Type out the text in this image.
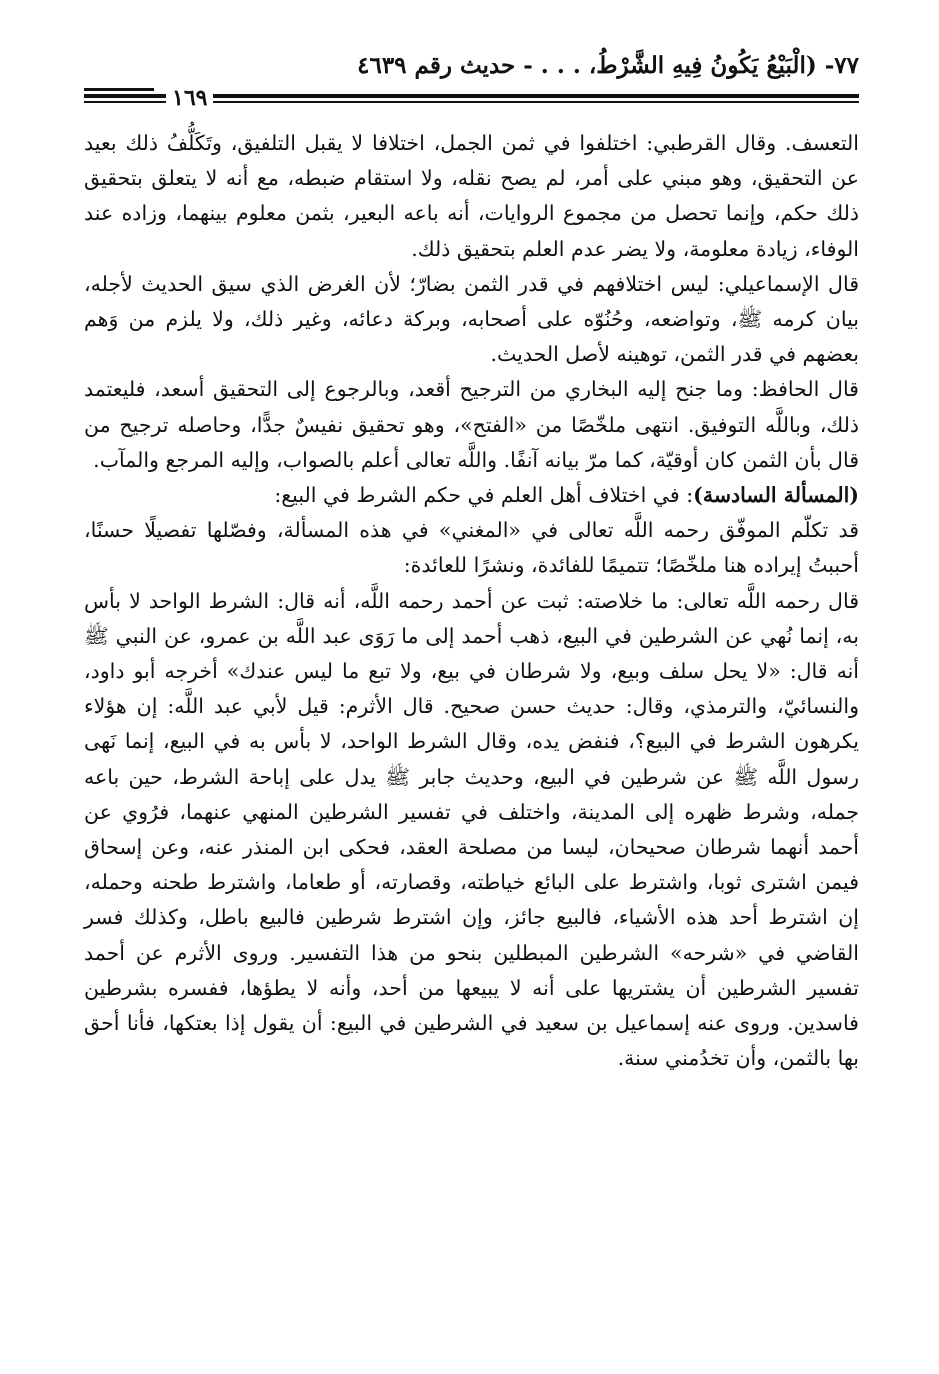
٧٧- (الْبَيْعُ يَكُونُ فِيهِ الشَّرْطُ، . . . - حديث رقم ٤٦٣٩
١٦٩

التعسف. وقال القرطبي: اختلفوا في ثمن الجمل، اختلافا لا يقبل التلفيق، وتَكَلُّفُ ذلك بعيد عن التحقيق، وهو مبني على أمر، لم يصح نقله، ولا استقام ضبطه، مع أنه لا يتعلق بتحقيق ذلك حكم، وإنما تحصل من مجموع الروايات، أنه باعه البعير، بثمن معلوم بينهما، وزاده عند الوفاء، زيادة معلومة، ولا يضر عدم العلم بتحقيق ذلك.

قال الإسماعيلي: ليس اختلافهم في قدر الثمن بضارّ؛ لأن الغرض الذي سيق الحديث لأجله، بيان كرمه ﷺ، وتواضعه، وحُنُوّه على أصحابه، وبركة دعائه، وغير ذلك، ولا يلزم من وَهم بعضهم في قدر الثمن، توهينه لأصل الحديث.

قال الحافظ: وما جنح إليه البخاري من الترجيح أقعد، وبالرجوع إلى التحقيق أسعد، فليعتمد ذلك، وباللَّه التوفيق. انتهى ملخّصًا من «الفتح»، وهو تحقيق نفيسٌ جدًّا، وحاصله ترجيح من قال بأن الثمن كان أوقيّة، كما مرّ بيانه آنفًا. واللَّه تعالى أعلم بالصواب، وإليه المرجع والمآب.

(المسألة السادسة): في اختلاف أهل العلم في حكم الشرط في البيع:

قد تكلّم الموفّق رحمه اللَّه تعالى في «المغني» في هذه المسألة، وفصّلها تفصيلًا حسنًا، أحببتُ إيراده هنا ملخّصًا؛ تتميمًا للفائدة، ونشرًا للعائدة:

قال رحمه اللَّه تعالى: ما خلاصته: ثبت عن أحمد رحمه اللَّه، أنه قال: الشرط الواحد لا بأس به، إنما نُهي عن الشرطين في البيع، ذهب أحمد إلى ما رَوَى عبد اللَّه بن عمرو، عن النبي ﷺ أنه قال: «لا يحل سلف وبيع، ولا شرطان في بيع، ولا تبع ما ليس عندك» أخرجه أبو داود، والنسائيّ، والترمذي، وقال: حديث حسن صحيح. قال الأثرم: قيل لأبي عبد اللَّه: إن هؤلاء يكرهون الشرط في البيع؟، فنفض يده، وقال الشرط الواحد، لا بأس به في البيع، إنما نَهى رسول اللَّه ﷺ عن شرطين في البيع، وحديث جابر ﷺ يدل على إباحة الشرط، حين باعه جمله، وشرط ظهره إلى المدينة، واختلف في تفسير الشرطين المنهي عنهما، فرُوي عن أحمد أنهما شرطان صحيحان، ليسا من مصلحة العقد، فحكى ابن المنذر عنه، وعن إسحاق فيمن اشترى ثوبا، واشترط على البائع خياطته، وقصارته، أو طعاما، واشترط طحنه وحمله، إن اشترط أحد هذه الأشياء، فالبيع جائز، وإن اشترط شرطين فالبيع باطل، وكذلك فسر القاضي في «شرحه» الشرطين المبطلين بنحو من هذا التفسير. وروى الأثرم عن أحمد تفسير الشرطين أن يشتريها على أنه لا يبيعها من أحد، وأنه لا يطؤها، ففسره بشرطين فاسدين. وروى عنه إسماعيل بن سعيد في الشرطين في البيع: أن يقول إذا بعتكها، فأنا أحق بها بالثمن، وأن تخدُمني سنة.
